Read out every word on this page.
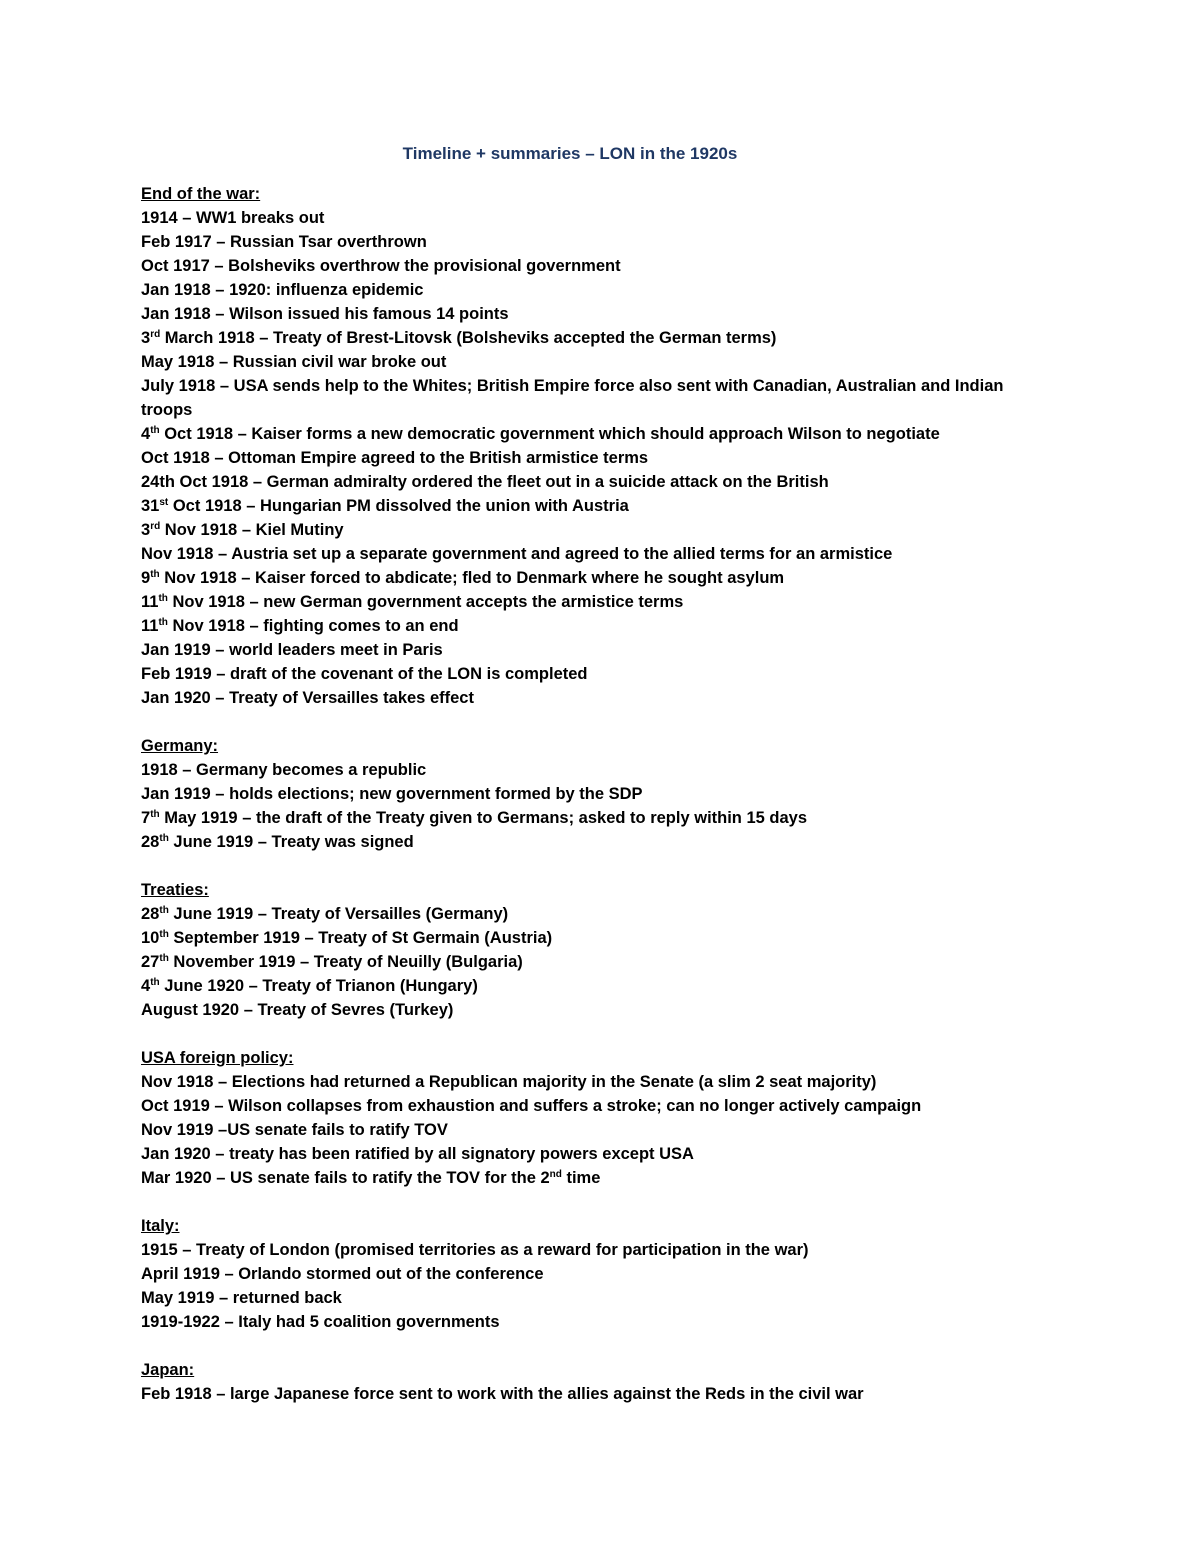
Timeline + summaries – LON in the 1920s
End of the war:
1914 – WW1 breaks out
Feb 1917 – Russian Tsar overthrown
Oct 1917 – Bolsheviks overthrow the provisional government
Jan 1918 – 1920: influenza epidemic
Jan 1918 – Wilson issued his famous 14 points
3rd March 1918 – Treaty of Brest-Litovsk (Bolsheviks accepted the German terms)
May 1918 – Russian civil war broke out
July 1918 – USA sends help to the Whites; British Empire force also sent with Canadian, Australian and Indian troops
4th Oct 1918 – Kaiser forms a new democratic government which should approach Wilson to negotiate
Oct 1918 – Ottoman Empire agreed to the British armistice terms
24th Oct 1918 – German admiralty ordered the fleet out in a suicide attack on the British
31st Oct 1918 – Hungarian PM dissolved the union with Austria
3rd Nov 1918 – Kiel Mutiny
Nov 1918 – Austria set up a separate government and agreed to the allied terms for an armistice
9th Nov 1918 – Kaiser forced to abdicate; fled to Denmark where he sought asylum
11th Nov 1918 – new German government accepts the armistice terms
11th Nov 1918 – fighting comes to an end
Jan 1919 – world leaders meet in Paris
Feb 1919 – draft of the covenant of the LON is completed
Jan 1920 – Treaty of Versailles takes effect
Germany:
1918 – Germany becomes a republic
Jan 1919 – holds elections; new government formed by the SDP
7th May 1919 – the draft of the Treaty given to Germans; asked to reply within 15 days
28th June 1919 – Treaty was signed
Treaties:
28th June 1919 – Treaty of Versailles (Germany)
10th September 1919 – Treaty of St Germain (Austria)
27th November 1919 – Treaty of Neuilly (Bulgaria)
4th June 1920 – Treaty of Trianon (Hungary)
August 1920 – Treaty of Sevres (Turkey)
USA foreign policy:
Nov 1918 – Elections had returned a Republican majority in the Senate (a slim 2 seat majority)
Oct 1919 – Wilson collapses from exhaustion and suffers a stroke; can no longer actively campaign
Nov 1919 –US senate fails to ratify TOV
Jan 1920 – treaty has been ratified by all signatory powers except USA
Mar 1920 – US senate fails to ratify the TOV for the 2nd time
Italy:
1915 – Treaty of London (promised territories as a reward for participation in the war)
April 1919 – Orlando stormed out of the conference
May 1919 – returned back
1919-1922 – Italy had 5 coalition governments
Japan:
Feb 1918 – large Japanese force sent to work with the allies against the Reds in the civil war
